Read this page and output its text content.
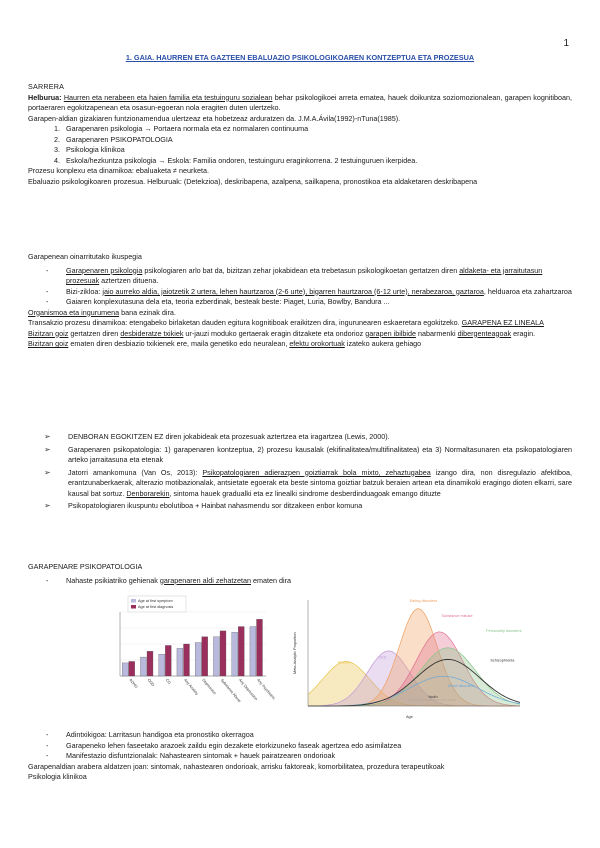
1
1. GAIA. HAURREN ETA GAZTEEN EBALUAZIO PSIKOLOGIKOAREN KONTZEPTUA ETA PROZESUA
SARRERA
Helburua: Haurren eta nerabeen eta haien familia eta testuinguru sozialean behar psikologikoei arreta ematea, hauek doikuntza soziomozionalean, garapen kognitiboan, portaeraren egokitzapenean eta osasun-egoeran nola eragiten duten ulertzeko.
Garapen-aldian gizakiaren funtzionamendua ulertzeaz eta hobetzeaz arduratzen da. J.M.A.Ávila(1992)-nTuna(1985).
1. Garapenaren psikologia → Portaera normala eta ez normalaren continuuma
2. Garapenaren PSIKOPATOLOGIA
3. Psikologia klinikoa
4. Eskola/hezkuntza psikologia → Eskola: Familia ondoren, testuinguru eraginkorrena. 2 testuinguruen ikerpidea.
Prozesu konplexu eta dinamikoa: ebaluaketa ≠ neurketa.
Ebaluazio psikologikoaren prozesua. Helburuak: (Detekzioa), deskribapena, azalpena, sailkapena, pronostikoa eta aldaketaren deskribapena
Garapenean oinarritutako ikuspegia
- Garapenaren psikologia psikologiaren arlo bat da, bizitzan zehar jokabidean eta trebetasun psikologikoetan gertatzen diren aldaketa- eta jarraitutasun prozesuak aztertzen dituena.
- Bizi-zikloa: jaio aurreko aldia, jaiotzetik 2 urtera, lehen haurtzaroa (2-6 urte), bigarren haurtzaroa (6-12 urte), nerabezaroa, gaztaroa, helduaroa eta zahartzaroa
- Gaiaren konplexutasuna dela eta, teoria ezberdinak, besteak beste: Piaget, Luria, Bowlby, Bandura ...
Organismoa eta ingurumena bana ezinak dira.
Transakzio prozesu dinamikoa: etengabeko birlaketan dauden egitura kognitiboak eraikitzen dira, ingurunearen eskaeretara egokitzeko. GARAPENA EZ LINEALA
Bizitzan goiz gertatzen diren desbideratze txikiek ur-jauzi moduko gertaerak eragin ditzakete eta ondorioz garapen ibilbide nabarmenki dibergenteagoak eragin.
Bizitzan goiz ematen diren desbiazio txikienek ere, maila genetiko edo neuralean, efektu orokortuak izateko aukera gehiago
➢ DENBORAN EGOKITZEN EZ diren jokabideak eta prozesuak aztertzea eta iragartzea (Lewis, 2000).
➢ Garapenaren psikopatologia: 1) garapenaren kontzeptua, 2) prozesu kausalak (ekifinalitatea/multifinalitatea) eta 3) Normaltasunaren eta psikopatologiaren arteko jarraitasuna eta etenak
➢ Jatorri amankomuna (Van Os, 2013): Psikopatologiaren adierazpen goiztiarrak bola mixto, zehaztugabea izango dira, non disregulazio afektiboa, erantzunaberkaerak, alterazio motibazionalak, antsietate egoerak eta beste sintoma goiztiar batzuk beraien artean eta dinamikoki eragingo dioten elkarri, sare kausal bat sortuz. Denborarekin, sintoma hauek gradualki eta ez linealki sindrome desberdinduagoak emango dituzte
➢ Psikopatologiaren ikuspuntu ebolutiboa + Hainbat nahasmendu sor ditzakeen enbor komuna
GARAPENARE PSIKOPATOLOGIA
- Nahaste psikiatriko gehienak garapenaren aldi zehatzetan ematen dira
Age at first symptom
Age at first diagnosis
ADHD ODD	CD	Any Anxiety Depression Substance Abuse
Any Depression
Any Psychiatric
Anxiety
OCD
Eating disorders
Substance misuse
Personality disorders
Mood disorders
Schizophrenia
Meta-Analytic Proportion
Age
Youth
- Adintxikigoa: Larritasun handigoa eta pronostiko okerragoa
- Garapeneko lehen faseetako arazoek zaildu egin dezakete etorkizuneko faseak agertzea edo asimilatzea
- Manifestazio disfuntzionalak: Nahastearen sintomak + hauek pairatzearen ondorioak
Garapenaldian arabera aldatzen joan: sintomak, nahastearen ondorioak, arrisku faktoreak, komorbilitatea, prozedura terapeutikoak
Psikologia klinikoa
